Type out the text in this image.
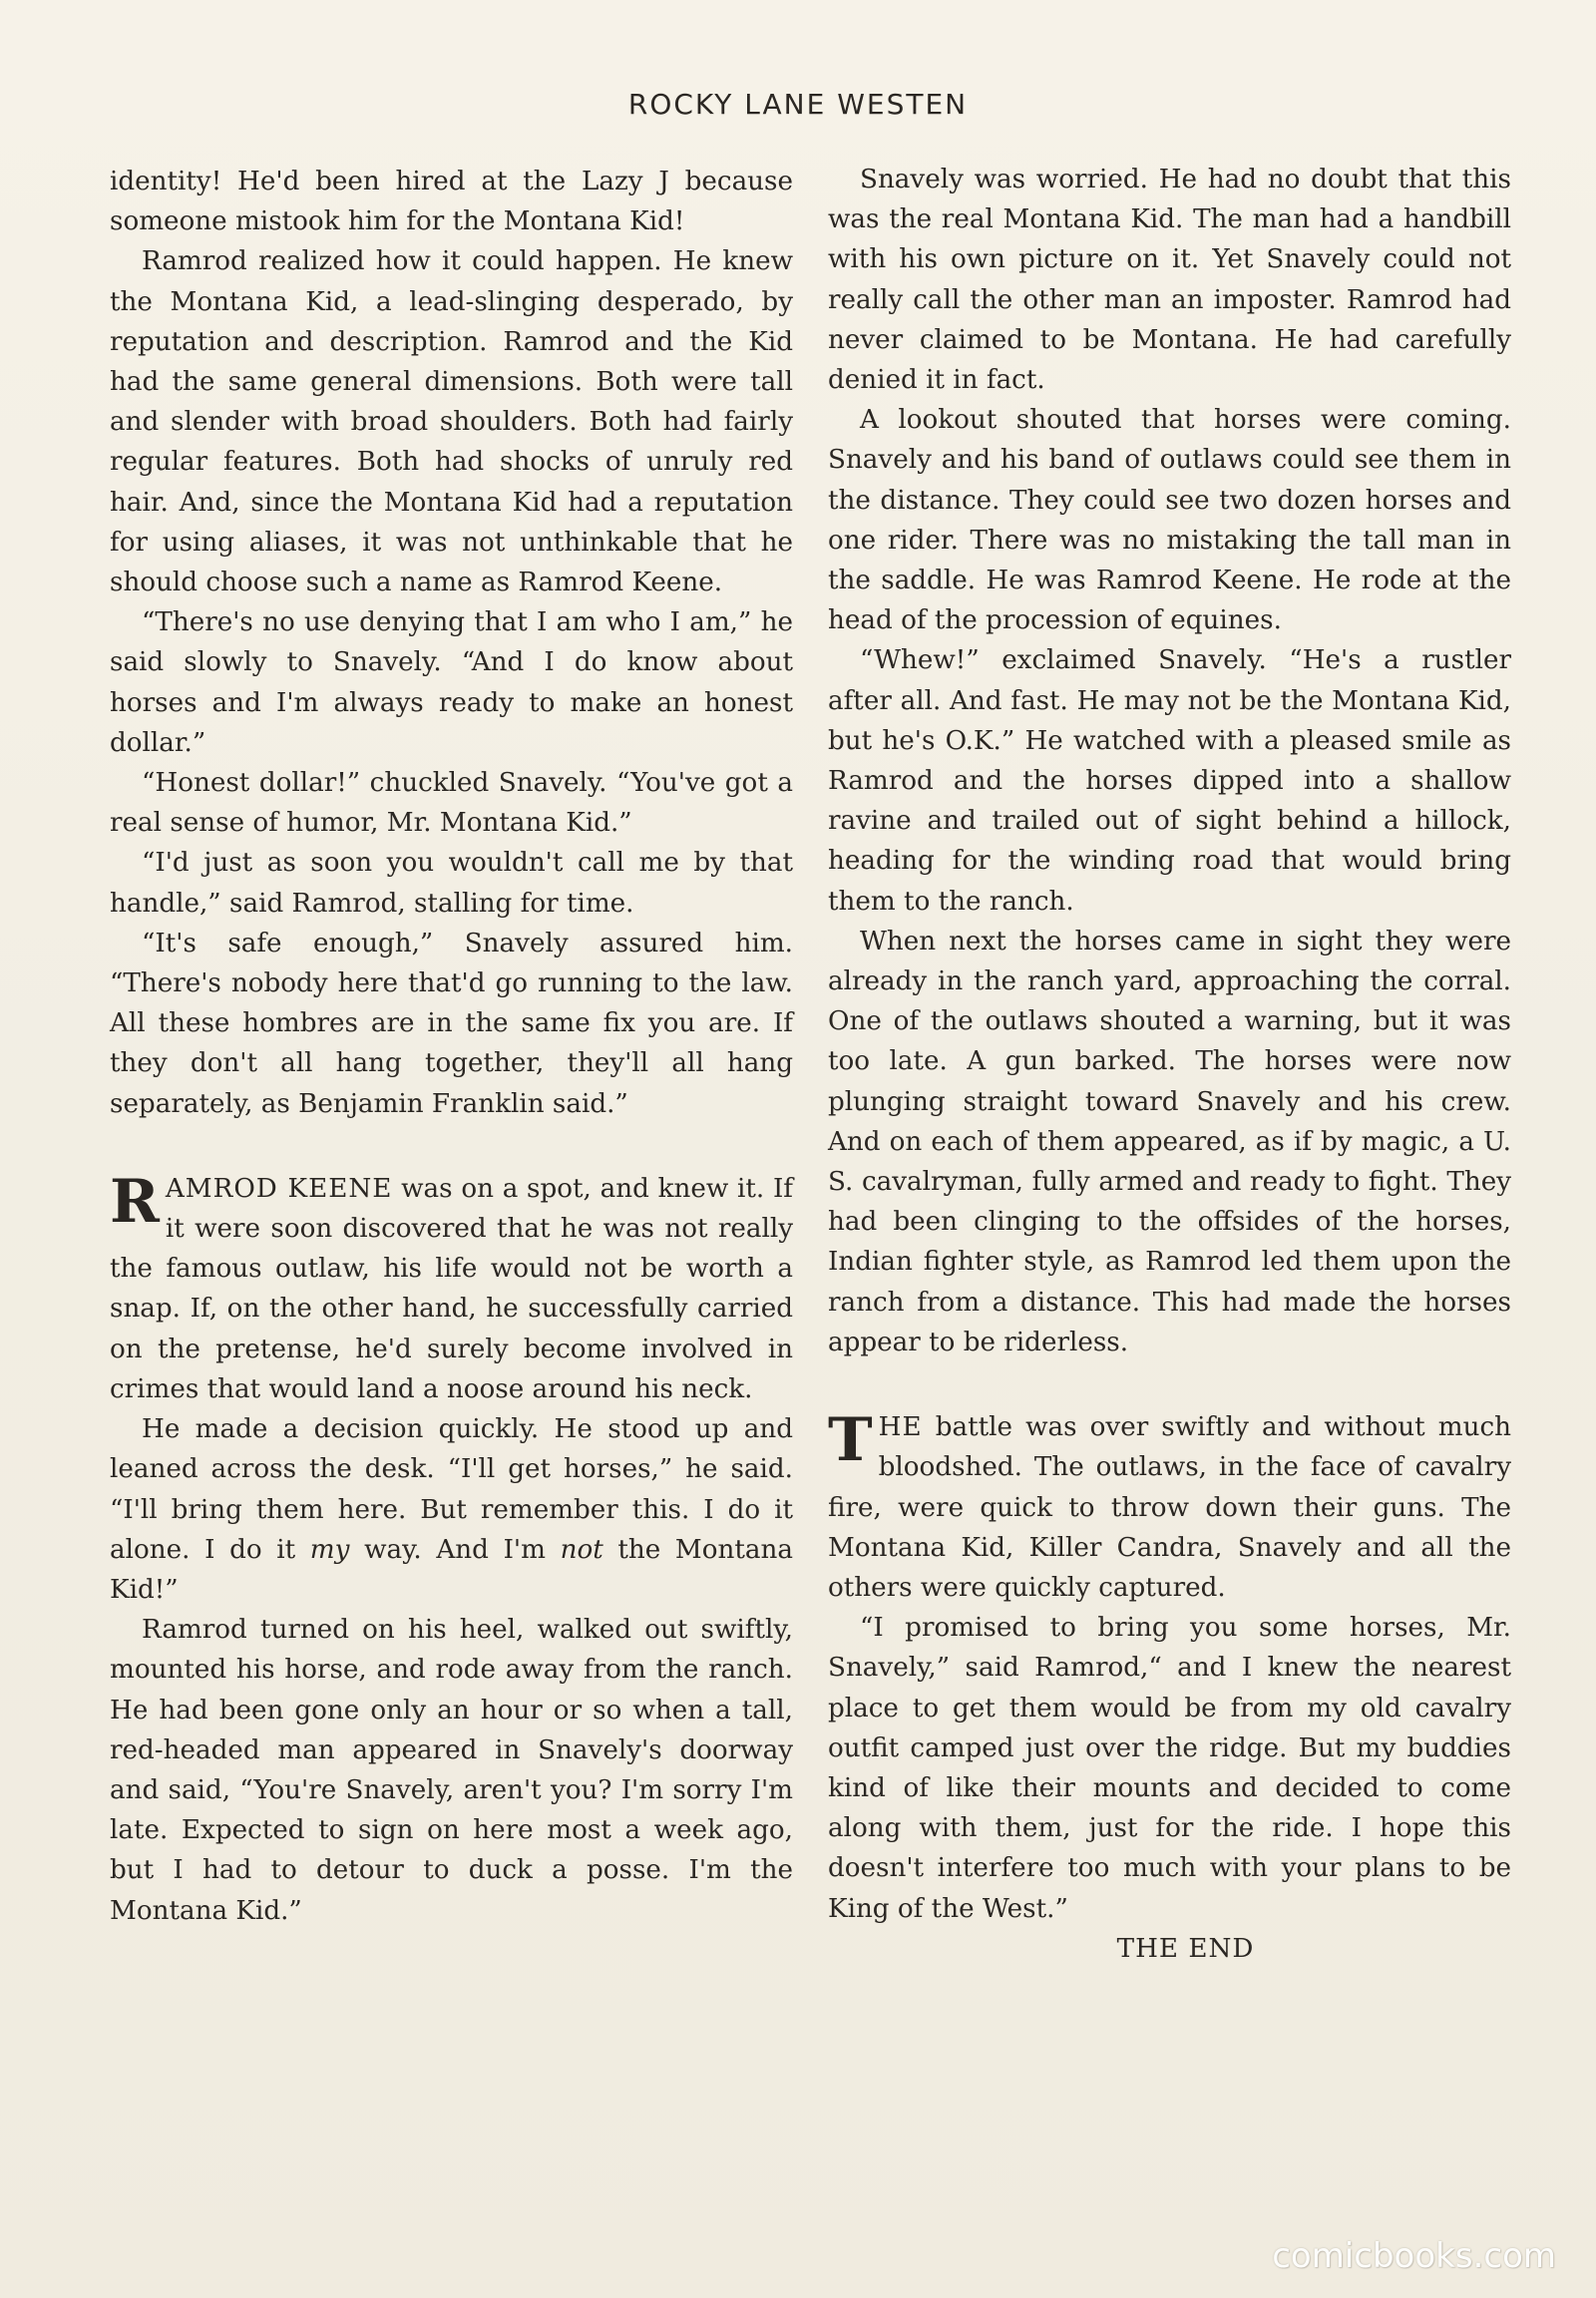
ROCKY LANE WESTEN

identity! He'd been hired at the Lazy J because someone mistook him for the Montana Kid!

Ramrod realized how it could happen. He knew the Montana Kid, a lead-slinging desperado, by reputation and description. Ramrod and the Kid had the same general dimensions. Both were tall and slender with broad shoulders. Both had fairly regular features. Both had shocks of unruly red hair. And, since the Montana Kid had a reputation for using aliases, it was not unthinkable that he should choose such a name as Ramrod Keene.

“There's no use denying that I am who I am,” he said slowly to Snavely. “And I do know about horses and I'm always ready to make an honest dollar.”

“Honest dollar!” chuckled Snavely. “You've got a real sense of humor, Mr. Montana Kid.”

“I'd just as soon you wouldn't call me by that handle,” said Ramrod, stalling for time.

“It's safe enough,” Snavely assured him. “There's nobody here that'd go running to the law. All these hombres are in the same fix you are. If they don't all hang together, they'll all hang separately, as Benjamin Franklin said.”

RAMROD KEENE was on a spot, and knew it. If it were soon discovered that he was not really the famous outlaw, his life would not be worth a snap. If, on the other hand, he successfully carried on the pretense, he'd surely become involved in crimes that would land a noose around his neck.

He made a decision quickly. He stood up and leaned across the desk. “I'll get horses,” he said. “I'll bring them here. But remember this. I do it alone. I do it my way. And I'm not the Montana Kid!”

Ramrod turned on his heel, walked out swiftly, mounted his horse, and rode away from the ranch. He had been gone only an hour or so when a tall, red-headed man appeared in Snavely's doorway and said, “You're Snavely, aren't you? I'm sorry I'm late. Expected to sign on here most a week ago, but I had to detour to duck a posse. I'm the Montana Kid.”

Snavely was worried. He had no doubt that this was the real Montana Kid. The man had a handbill with his own picture on it. Yet Snavely could not really call the other man an imposter. Ramrod had never claimed to be Montana. He had carefully denied it in fact.

A lookout shouted that horses were coming. Snavely and his band of outlaws could see them in the distance. They could see two dozen horses and one rider. There was no mistaking the tall man in the saddle. He was Ramrod Keene. He rode at the head of the procession of equines.

“Whew!” exclaimed Snavely. “He's a rustler after all. And fast. He may not be the Montana Kid, but he's O.K.” He watched with a pleased smile as Ramrod and the horses dipped into a shallow ravine and trailed out of sight behind a hillock, heading for the winding road that would bring them to the ranch.

When next the horses came in sight they were already in the ranch yard, approaching the corral. One of the outlaws shouted a warning, but it was too late. A gun barked. The horses were now plunging straight toward Snavely and his crew. And on each of them appeared, as if by magic, a U. S. cavalryman, fully armed and ready to fight. They had been clinging to the offsides of the horses, Indian fighter style, as Ramrod led them upon the ranch from a distance. This had made the horses appear to be riderless.

THE battle was over swiftly and without much bloodshed. The outlaws, in the face of cavalry fire, were quick to throw down their guns. The Montana Kid, Killer Candra, Snavely and all the others were quickly captured.

“I promised to bring you some horses, Mr. Snavely,” said Ramrod,“ and I knew the nearest place to get them would be from my old cavalry outfit camped just over the ridge. But my buddies kind of like their mounts and decided to come along with them, just for the ride. I hope this doesn't interfere too much with your plans to be King of the West.”

THE END

comicbooks.com
